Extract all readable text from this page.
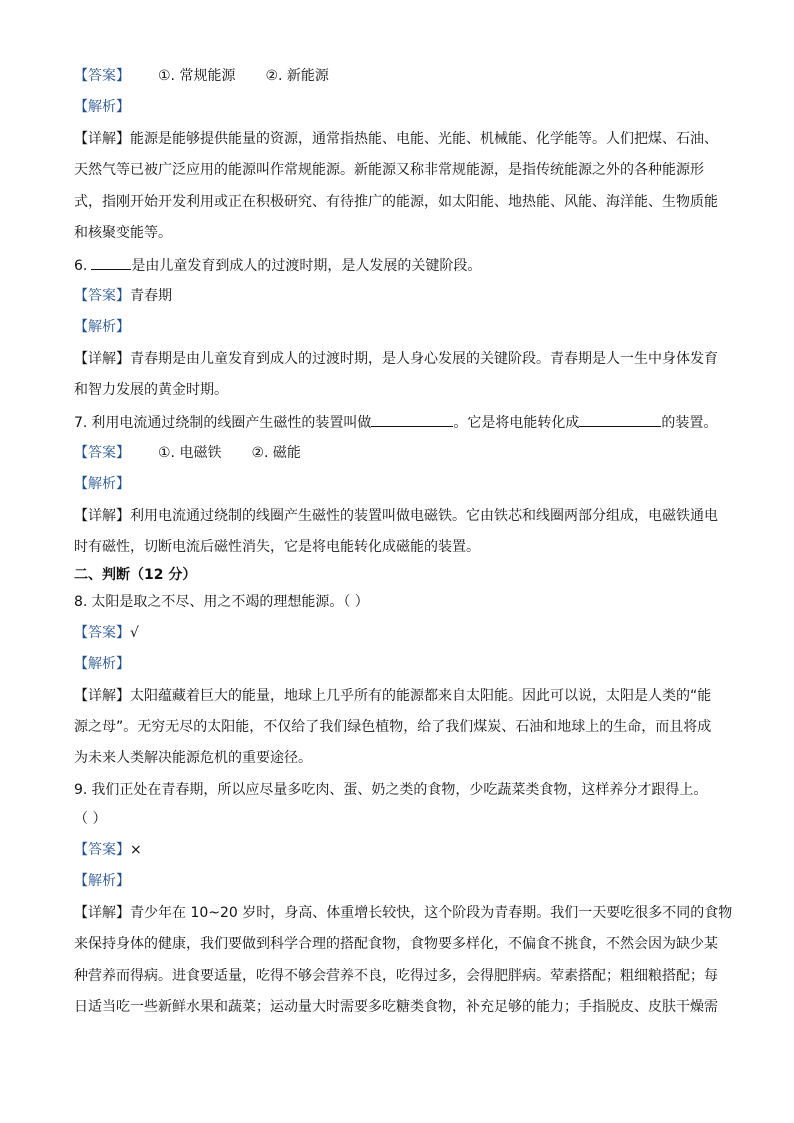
【答案】 ①. 常规能源 ②. 新能源
【解析】
【详解】能源是能够提供能量的资源，通常指热能、电能、光能、机械能、化学能等。人们把煤、石油、
天然气等已被广泛应用的能源叫作常规能源。新能源又称非常规能源，是指传统能源之外的各种能源形
式，指刚开始开发利用或正在积极研究、有待推广的能源，如太阳能、地热能、风能、海洋能、生物质能
和核聚变能等。
6.	是由儿童发育到成人的过渡时期，是人发展的关键阶段。
【答案】青春期
【解析】
【详解】青春期是由儿童发育到成人的过渡时期，是人身心发展的关键阶段。青春期是人一生中身体发育
和智力发展的黄金时期。
7. 利用电流通过绕制的线圈产生磁性的装置叫做	。它是将电能转化成	的装置。
【答案】 ①. 电磁铁 ②. 磁能
【解析】
【详解】利用电流通过绕制的线圈产生磁性的装置叫做电磁铁。它由铁芯和线圈两部分组成，电磁铁通电
时有磁性，切断电流后磁性消失，它是将电能转化成磁能的装置。
二、判断（12 分）
8. 太阳是取之不尽、用之不竭的理想能源。（ ）
【答案】√
【解析】
【详解】太阳蕴藏着巨大的能量，地球上几乎所有的能源都来自太阳能。因此可以说，太阳是人类的“能
源之母”。无穷无尽的太阳能，不仅给了我们绿色植物，给了我们煤炭、石油和地球上的生命，而且将成
为未来人类解决能源危机的重要途径。
9. 我们正处在青春期，所以应尽量多吃肉、蛋、奶之类的食物，少吃蔬菜类食物，这样养分才跟得上。
（ ）
【答案】×
【解析】
【详解】青少年在 10~20 岁时，身高、体重增长较快，这个阶段为青春期。我们一天要吃很多不同的食物
来保持身体的健康，我们要做到科学合理的搭配食物，食物要多样化，不偏食不挑食，不然会因为缺少某
种营养而得病。进食要适量，吃得不够会营养不良，吃得过多，会得肥胖病。荤素搭配；粗细粮搭配；每
日适当吃一些新鲜水果和蔬菜；运动量大时需要多吃糖类食物，补充足够的能力；手指脱皮、皮肤干燥需
